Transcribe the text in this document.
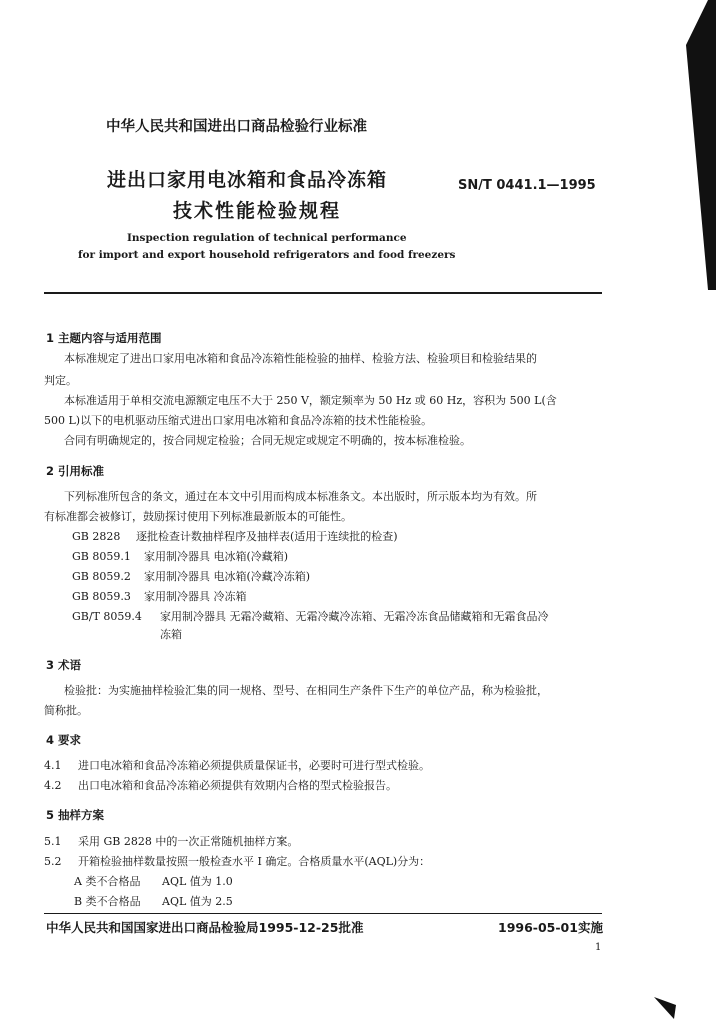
中华人民共和国进出口商品检验行业标准
进出口家用电冰箱和食品冷冻箱
技术性能检验规程
SN/T 0441.1—1995
Inspection regulation of technical performance
for import and export household refrigerators and food freezers
1 主题内容与适用范围
本标准规定了进出口家用电冰箱和食品冷冻箱性能检验的抽样、检验方法、检验项目和检验结果的
判定。
本标准适用于单相交流电源额定电压不大于 250 V，额定频率为 50 Hz 或 60 Hz，容积为 500 L(含
500 L)以下的电机驱动压缩式进出口家用电冰箱和食品冷冻箱的技术性能检验。
合同有明确规定的，按合同规定检验；合同无规定或规定不明确的，按本标准检验。
2 引用标准
下列标准所包含的条文，通过在本文中引用而构成本标准条文。本出版时，所示版本均为有效。所
有标准都会被修订，鼓励探讨使用下列标准最新版本的可能性。
GB 2828 逐批检查计数抽样程序及抽样表(适用于连续批的检查)
GB 8059.1 家用制冷器具 电冰箱(冷藏箱)
GB 8059.2 家用制冷器具 电冰箱(冷藏冷冻箱)
GB 8059.3 家用制冷器具 冷冻箱
GB/T 8059.4 家用制冷器具 无霜冷藏箱、无霜冷藏冷冻箱、无霜冷冻食品储藏箱和无霜食品冷
冻箱
3 术语
检验批：为实施抽样检验汇集的同一规格、型号、在相同生产条件下生产的单位产品，称为检验批，
简称批。
4 要求
4.1 进口电冰箱和食品冷冻箱必须提供质量保证书，必要时可进行型式检验。
4.2 出口电冰箱和食品冷冻箱必须提供有效期内合格的型式检验报告。
5 抽样方案
5.1 采用 GB 2828 中的一次正常随机抽样方案。
5.2 开箱检验抽样数量按照一般检查水平 I 确定。合格质量水平(AQL)分为：
A 类不合格品 AQL 值为 1.0
B 类不合格品 AQL 值为 2.5
中华人民共和国国家进出口商品检验局1995-12-25批准	1996-05-01实施
1
